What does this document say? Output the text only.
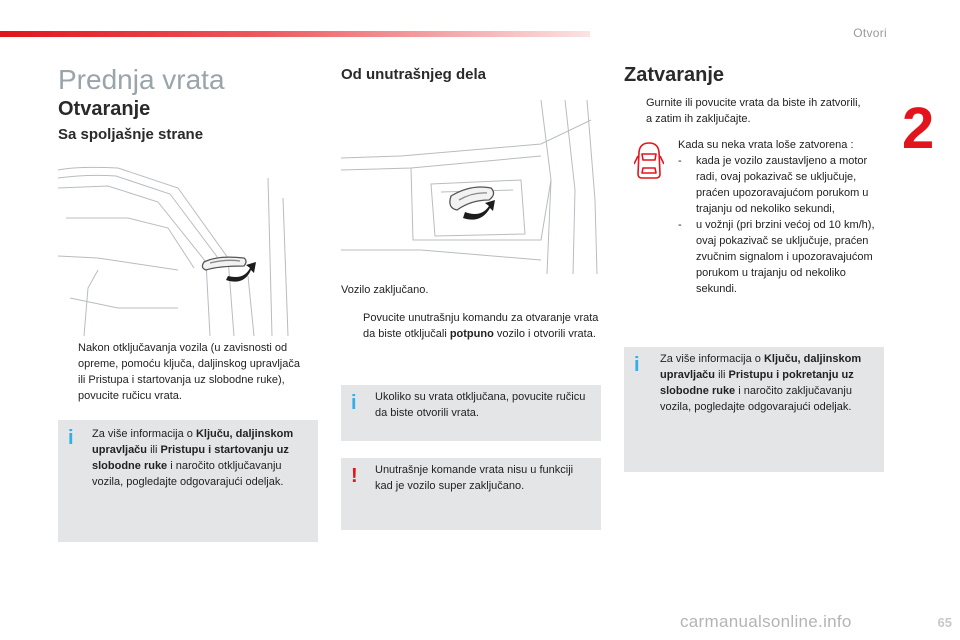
Otvori
2
Prednja vrata
Otvaranje
Sa spoljašnje strane
Nakon otključavanja vozila (u zavisnosti od opreme, pomoću ključa, daljinskog upravljača ili Pristupa i startovanja uz slobodne ruke), povucite ručicu vrata.
i Za više informacija o Ključu, daljinskom upravljaču ili Pristupu i startovanju uz slobodne ruke i naročito otključavanju vozila, pogledajte odgovarajući odeljak.
Od unutrašnjeg dela
Vozilo zaključano.
Povucite unutrašnju komandu za otvaranje vrata da biste otključali potpuno vozilo i otvorili vrata.
i Ukoliko su vrata otključana, povucite ručicu da biste otvorili vrata.
! Unutrašnje komande vrata nisu u funkciji kad je vozilo super zaključano.
Zatvaranje
Gurnite ili povucite vrata da biste ih zatvorili, a zatim ih zaključajte.
Kada su neka vrata loše zatvorena :
- kada je vozilo zaustavljeno a motor radi, ovaj pokazivač se uključuje, praćen upozoravajućom porukom u trajanju od nekoliko sekundi,
- u vožnji (pri brzini većoj od 10 km/h), ovaj pokazivač se uključuje, praćen zvučnim signalom i upozoravajućom porukom u trajanju od nekoliko sekundi.
i Za više informacija o Ključu, daljinskom upravljaču ili Pristupu i pokretanju uz slobodne ruke i naročito zaključavanju vozila, pogledajte odgovarajući odeljak.
carmanualsonline.info	65
